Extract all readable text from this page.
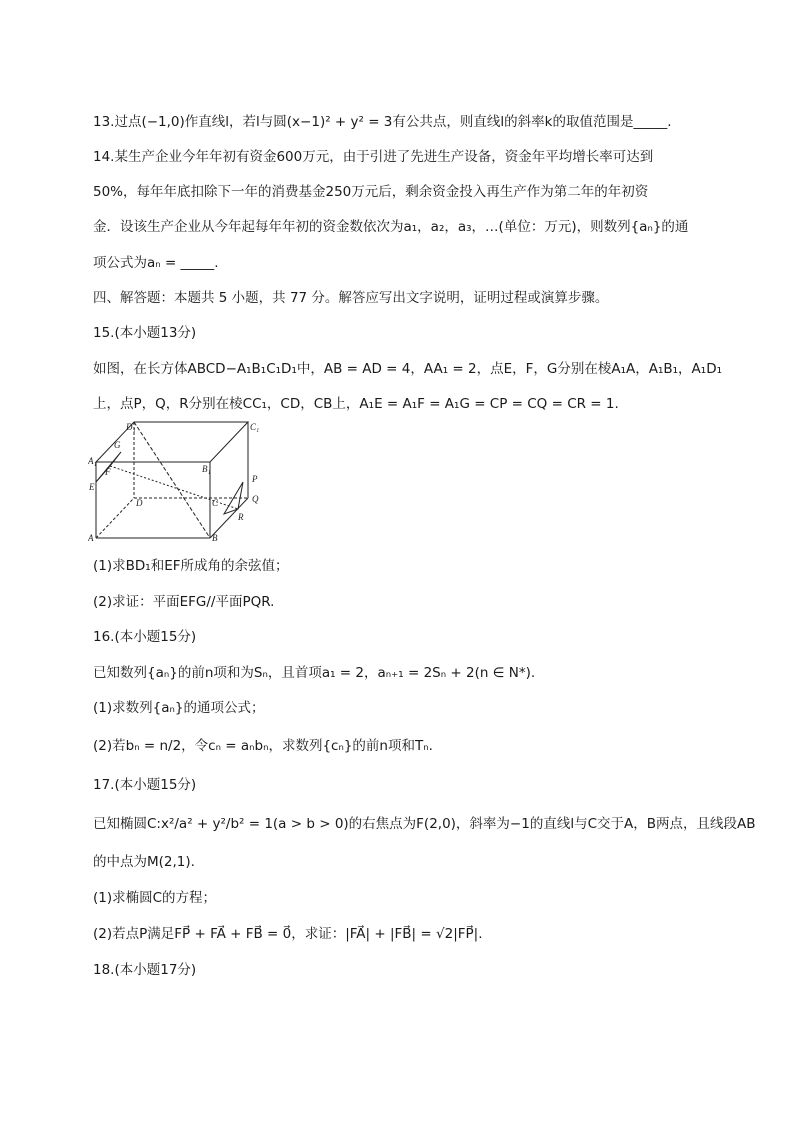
13.过点(−1,0)作直线l，若l与圆(x−1)² + y² = 3有公共点，则直线l的斜率k的取值范围是_____.
14.某生产企业今年年初有资金600万元，由于引进了先进生产设备，资金年平均增长率可达到
50%，每年年底扣除下一年的消费基金250万元后，剩余资金投入再生产作为第二年的年初资
金．设该生产企业从今年起每年年初的资金数依次为a₁，a₂，a₃，…(单位：万元)，则数列{aₙ}的通
项公式为aₙ = _____.
四、解答题：本题共 5 小题，共 77 分。解答应写出文字说明，证明过程或演算步骤。
15.(本小题13分)
如图，在长方体ABCD−A₁B₁C₁D₁中，AB = AD = 4，AA₁ = 2，点E，F，G分别在棱A₁A，A₁B₁，A₁D₁
上，点P，Q，R分别在棱CC₁，CD，CB上，A₁E = A₁F = A₁G = CP = CQ = CR = 1.
D₁	C₁
A₁
B₁
G
F
E
P
Q
D	C
R
A	B
(1)求BD₁和EF所成角的余弦值；
(2)求证：平面EFG//平面PQR.
16.(本小题15分)
已知数列{aₙ}的前n项和为Sₙ，且首项a₁ = 2，aₙ₊₁ = 2Sₙ + 2(n ∈ N*).
(1)求数列{aₙ}的通项公式；
(2)若bₙ = n/2，令cₙ = aₙbₙ，求数列{cₙ}的前n项和Tₙ.
17.(本小题15分)
已知椭圆C:x²/a² + y²/b² = 1(a > b > 0)的右焦点为F(2,0)，斜率为−1的直线l与C交于A，B两点，且线段AB
的中点为M(2,1).
(1)求椭圆C的方程；
(2)若点P满足FP⃗ + FA⃗ + FB⃗ = 0⃗，求证：|FA⃗| + |FB⃗| = √2|FP⃗|.
18.(本小题17分)
